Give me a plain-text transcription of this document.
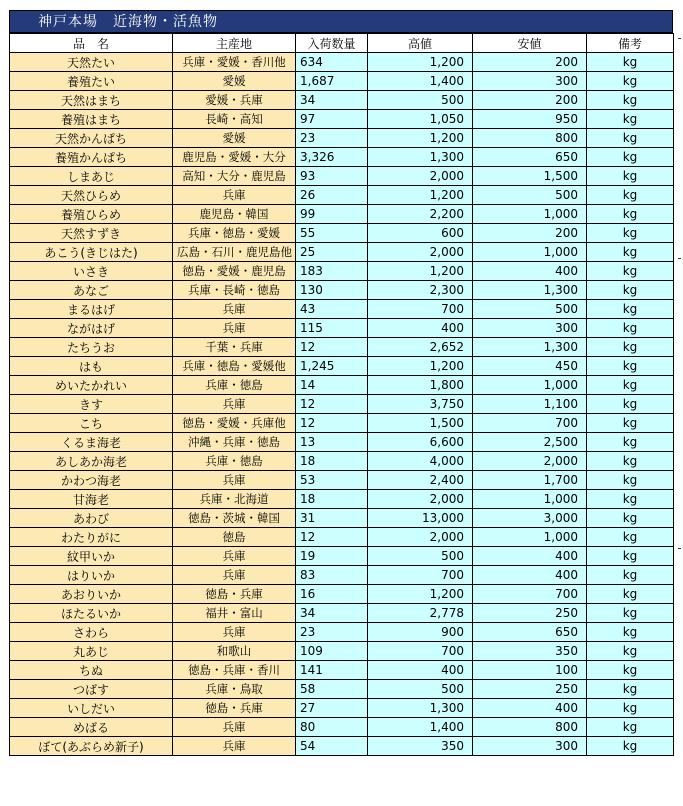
神戸本場　近海物・活魚物
品　名	主産地	入荷数量	高値	安値	備考
天然たい	兵庫・愛媛・香川他	634	1,200	200	kg
養殖たい	愛媛	1,687	1,400	300	kg
天然はまち	愛媛・兵庫	34	500	200	kg
養殖はまち	長崎・高知	97	1,050	950	kg
天然かんぱち	愛媛	23	1,200	800	kg
養殖かんぱち	鹿児島・愛媛・大分	3,326	1,300	650	kg
しまあじ	高知・大分・鹿児島	93	2,000	1,500	kg
天然ひらめ	兵庫	26	1,200	500	kg
養殖ひらめ	鹿児島・韓国	99	2,200	1,000	kg
天然すずき	兵庫・徳島・愛媛	55	600	200	kg
あこう(きじはた)	広島・石川・鹿児島他	25	2,000	1,000	kg
いさき	徳島・愛媛・鹿児島	183	1,200	400	kg
あなご	兵庫・長崎・徳島	130	2,300	1,300	kg
まるはげ	兵庫	43	700	500	kg
ながはげ	兵庫	115	400	300	kg
たちうお	千葉・兵庫	12	2,652	1,300	kg
はも	兵庫・徳島・愛媛他	1,245	1,200	450	kg
めいたかれい	兵庫・徳島	14	1,800	1,000	kg
きす	兵庫	12	3,750	1,100	kg
こち	徳島・愛媛・兵庫他	12	1,500	700	kg
くるま海老	沖縄・兵庫・徳島	13	6,600	2,500	kg
あしあか海老	兵庫・徳島	18	4,000	2,000	kg
かわつ海老	兵庫	53	2,400	1,700	kg
甘海老	兵庫・北海道	18	2,000	1,000	kg
あわび	徳島・茨城・韓国	31	13,000	3,000	kg
わたりがに	徳島	12	2,000	1,000	kg
紋甲いか	兵庫	19	500	400	kg
はりいか	兵庫	83	700	400	kg
あおりいか	徳島・兵庫	16	1,200	700	kg
ほたるいか	福井・富山	34	2,778	250	kg
さわら	兵庫	23	900	650	kg
丸あじ	和歌山	109	700	350	kg
ちぬ	徳島・兵庫・香川	141	400	100	kg
つばす	兵庫・鳥取	58	500	250	kg
いしだい	徳島・兵庫	27	1,300	400	kg
めばる	兵庫	80	1,400	800	kg
ぼて(あぶらめ新子)	兵庫	54	350	300	kg
